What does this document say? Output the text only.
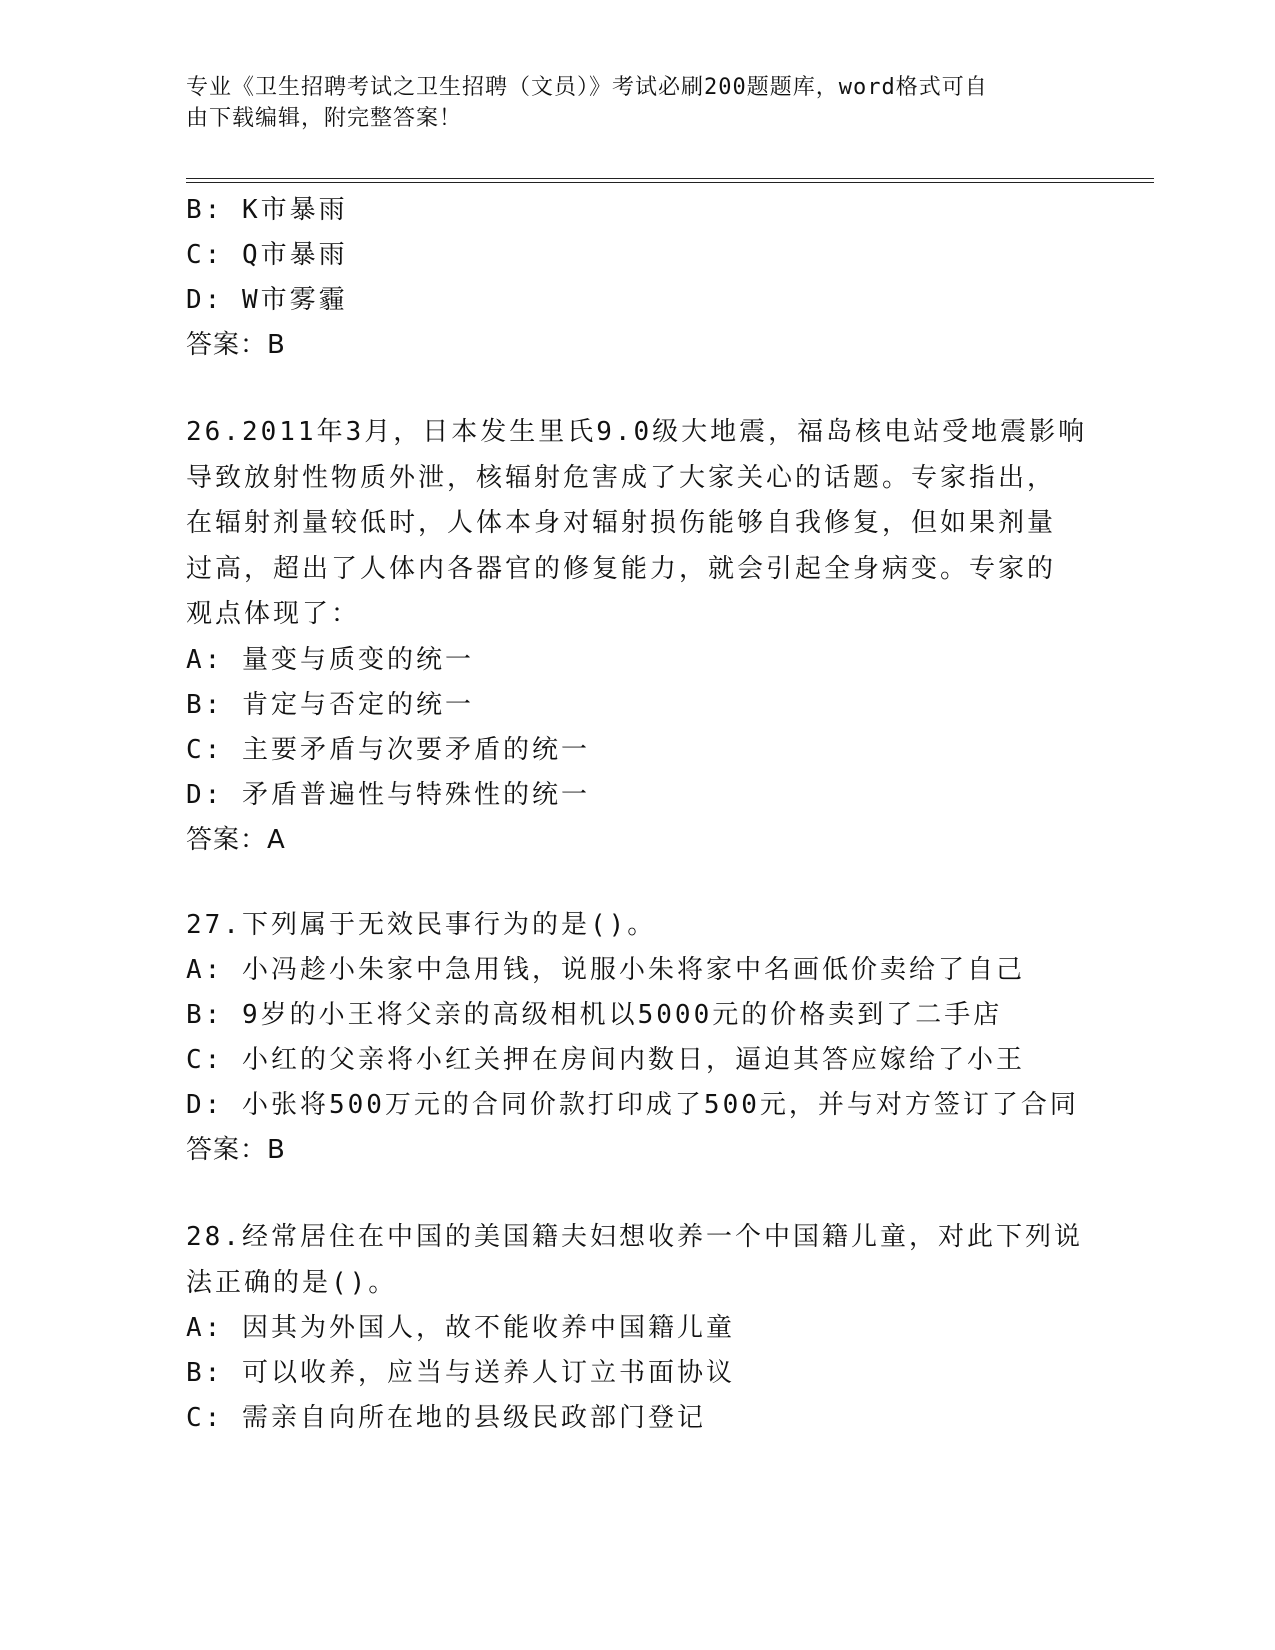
专业《卫生招聘考试之卫生招聘（文员）》考试必刷200题题库，word格式可自
由下载编辑，附完整答案！
B: K市暴雨
C: Q市暴雨
D: W市雾霾
答案：B
26.2011年3月，日本发生里氏9.0级大地震，福岛核电站受地震影响
导致放射性物质外泄，核辐射危害成了大家关心的话题。专家指出，
在辐射剂量较低时，人体本身对辐射损伤能够自我修复，但如果剂量
过高，超出了人体内各器官的修复能力，就会引起全身病变。专家的
观点体现了：
A: 量变与质变的统一
B: 肯定与否定的统一
C: 主要矛盾与次要矛盾的统一
D: 矛盾普遍性与特殊性的统一
答案：A
27.下列属于无效民事行为的是()。
A: 小冯趁小朱家中急用钱，说服小朱将家中名画低价卖给了自己
B: 9岁的小王将父亲的高级相机以5000元的价格卖到了二手店
C: 小红的父亲将小红关押在房间内数日，逼迫其答应嫁给了小王
D: 小张将500万元的合同价款打印成了500元，并与对方签订了合同
答案：B
28.经常居住在中国的美国籍夫妇想收养一个中国籍儿童，对此下列说
法正确的是()。
A: 因其为外国人，故不能收养中国籍儿童
B: 可以收养，应当与送养人订立书面协议
C: 需亲自向所在地的县级民政部门登记
